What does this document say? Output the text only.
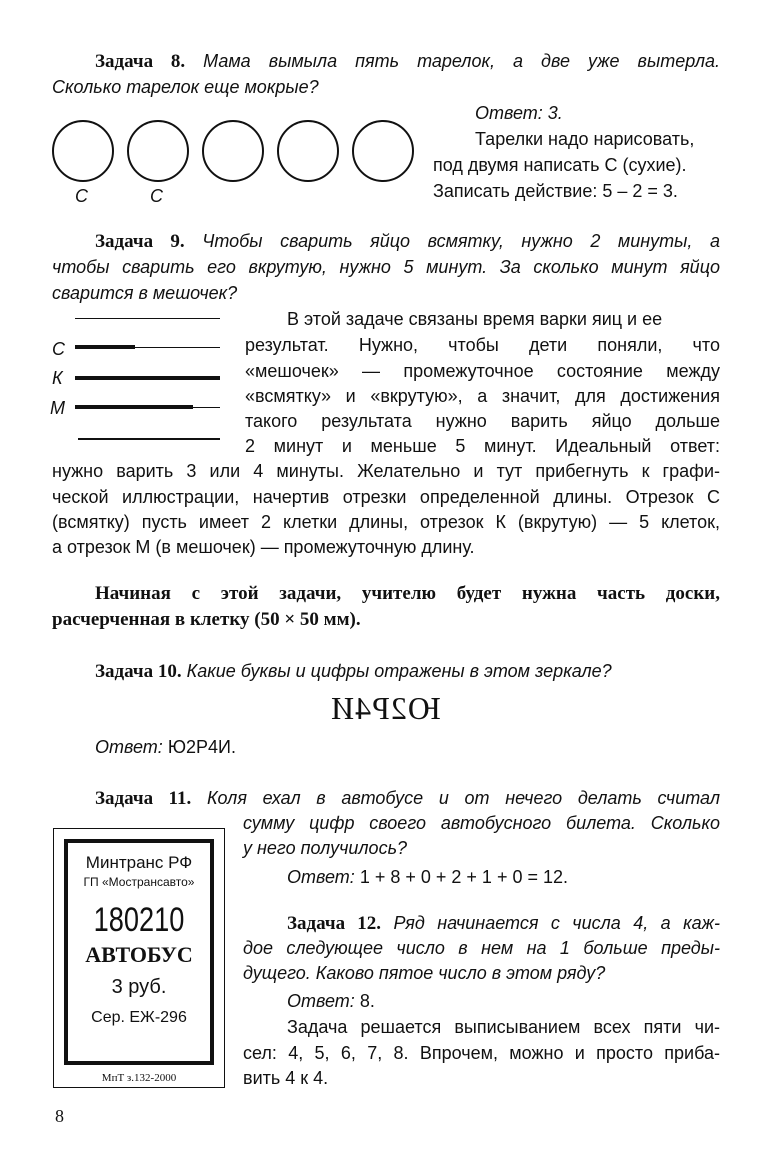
Задача 8. Мама вымыла пять тарелок, а две уже вытерла.
Сколько тарелок еще мокрые?
С	С
Ответ: 3.
Тарелки надо нарисовать,
под двумя написать С (сухие).
Записать действие: 5 – 2 = 3.
Задача 9. Чтобы сварить яйцо всмятку, нужно 2 минуты, а
чтобы сварить его вкрутую, нужно 5 минут. За сколько минут яйцо
сварится в мешочек?
С
К
М
В этой задаче связаны время варки яиц и ее
результат. Нужно, чтобы дети поняли, что
«мешочек» — промежуточное состояние между
«всмятку» и «вкрутую», а значит, для достижения
такого результата нужно варить яйцо дольше
2 минут и меньше 5 минут. Идеальный ответ:
нужно варить 3 или 4 минуты. Желательно и тут прибегнуть к графи-
ческой иллюстрации, начертив отрезки определенной длины. Отрезок С
(всмятку) пусть имеет 2 клетки длины, отрезок К (вкрутую) — 5 клеток,
а отрезок М (в мешочек) — промежуточную длину.
Начиная с этой задачи, учителю будет нужна часть доски,
расчерченная в клетку (50 × 50 мм).
Задача 10. Какие буквы и цифры отражены в этом зеркале?
Ю2Р4И
Ответ: Ю2Р4И.
Задача 11. Коля ехал в автобусе и от нечего делать считал
сумму цифр своего автобусного билета. Сколько
у него получилось?
Ответ: 1 + 8 + 0 + 2 + 1 + 0 = 12.
Минтранс РФ
ГП «Мострансавто»
180210
АВТОБУС
3 руб.
Сер. ЕЖ-296
МпТ з.132-2000
Задача 12. Ряд начинается с числа 4, а каж-
дое следующее число в нем на 1 больше преды-
дущего. Каково пятое число в этом ряду?
Ответ: 8.
Задача решается выписыванием всех пяти чи-
сел: 4, 5, 6, 7, 8. Впрочем, можно и просто приба-
вить 4 к 4.
8
